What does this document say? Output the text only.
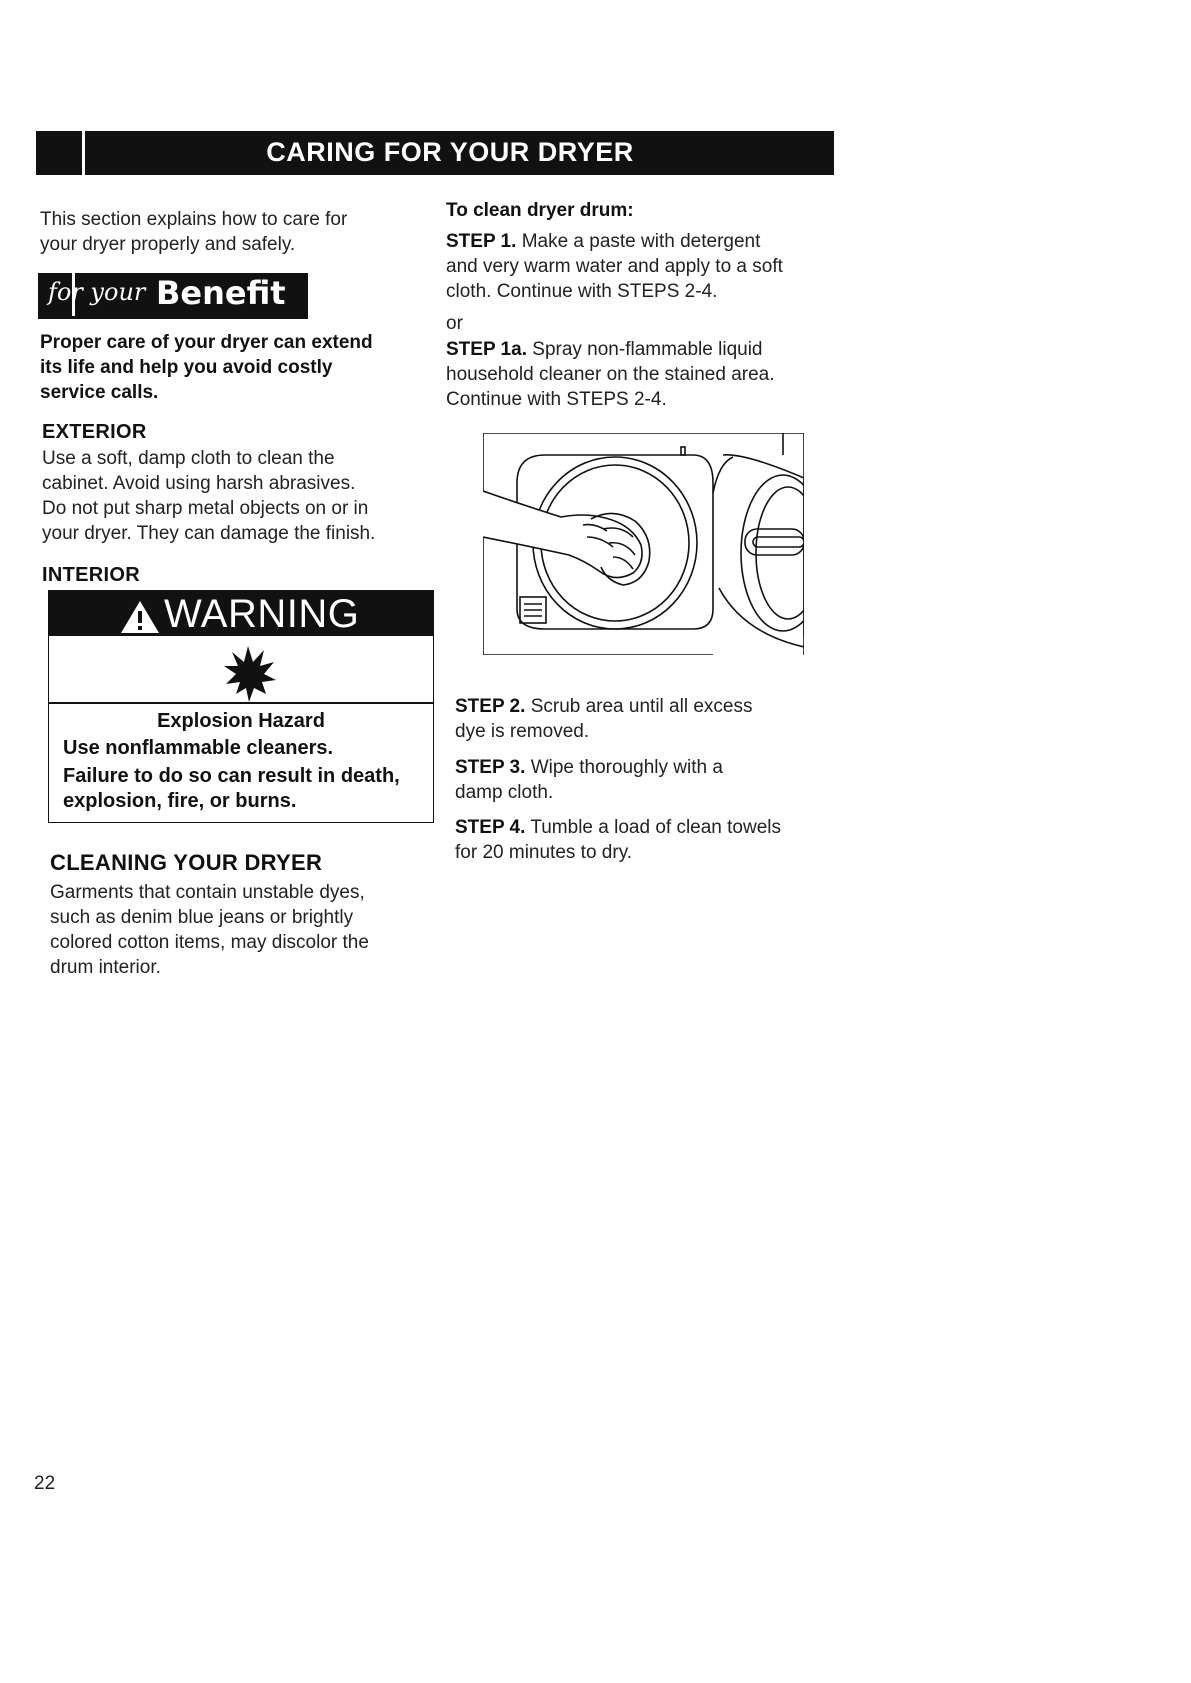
CARING FOR YOUR DRYER
This section explains how to care for
your dryer properly and safely.
for your Benefit
Proper care of your dryer can extend
its life and help you avoid costly
service calls.
EXTERIOR
Use a soft, damp cloth to clean the
cabinet. Avoid using harsh abrasives.
Do not put sharp metal objects on or in
your dryer. They can damage the finish.
INTERIOR
WARNING
Explosion Hazard
Use nonflammable cleaners.
Failure to do so can result in death,
explosion, fire, or burns.
CLEANING YOUR DRYER
Garments that contain unstable dyes,
such as denim blue jeans or brightly
colored cotton items, may discolor the
drum interior.
To clean dryer drum:
STEP 1. Make a paste with detergent
and very warm water and apply to a soft
cloth. Continue with STEPS 2-4.
or
STEP 1a. Spray non-flammable liquid
household cleaner on the stained area.
Continue with STEPS 2-4.
STEP 2. Scrub area until all excess
dye is removed.
STEP 3. Wipe thoroughly with a
damp cloth.
STEP 4. Tumble a load of clean towels
for 20 minutes to dry.
22
